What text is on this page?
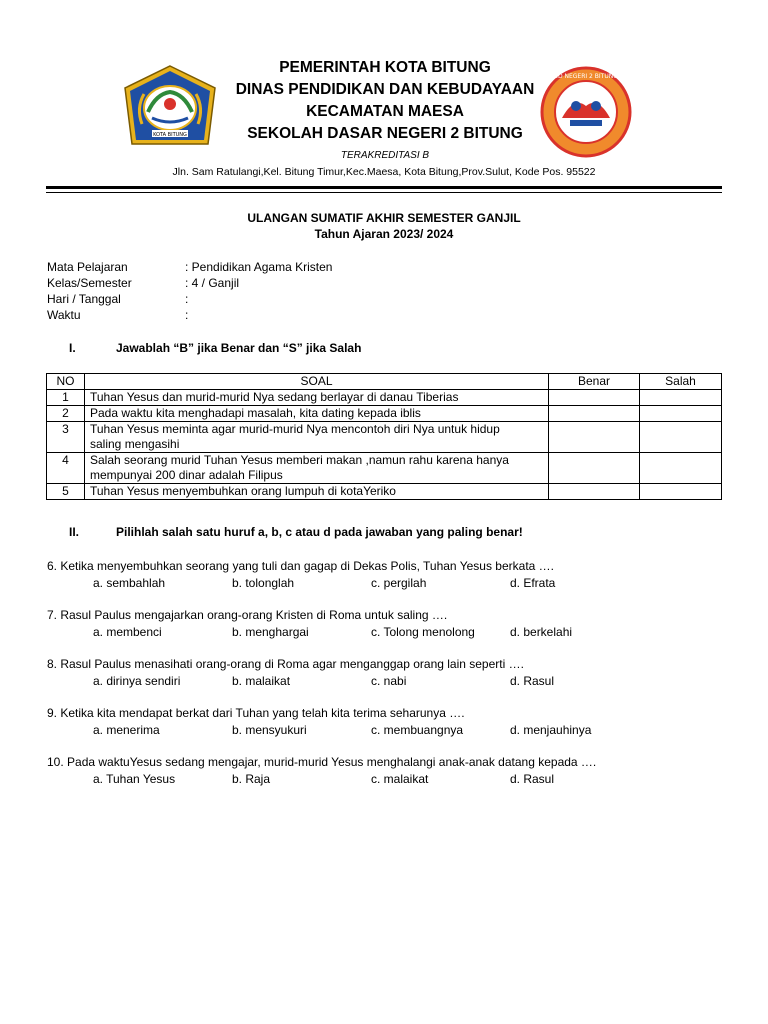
KOTA BITUNG
SD NEGERI 2 BITUNG
PEMERINTAH KOTA BITUNG
DINAS PENDIDIKAN DAN KEBUDAYAAN
KECAMATAN MAESA
SEKOLAH DASAR NEGERI 2 BITUNG
TERAKREDITASI B
Jln. Sam Ratulangi,Kel. Bitung Timur,Kec.Maesa, Kota Bitung,Prov.Sulut, Kode Pos. 95522
ULANGAN SUMATIF AKHIR SEMESTER GANJIL
Tahun Ajaran 2023/ 2024
Mata Pelajaran	: Pendidikan Agama Kristen
Kelas/Semester	: 4 / Ganjil
Hari / Tanggal	:
Waktu	:
I.	Jawablah “B” jika Benar dan “S” jika Salah
NO	SOAL	Benar	Salah
1	Tuhan Yesus dan murid-murid Nya sedang berlayar di danau Tiberias		
2	Pada waktu kita menghadapi masalah, kita dating kepada iblis		
3	Tuhan Yesus meminta agar murid-murid Nya mencontoh diri Nya untuk hidup
saling mengasihi		

4	Salah seorang murid Tuhan Yesus memberi makan ,namun rahu karena hanya
mempunyai 200 dinar adalah Filipus		

5	Tuhan Yesus menyembuhkan orang lumpuh di kotaYeriko		
II.	Pilihlah salah satu huruf a, b, c atau d pada jawaban yang paling benar!
6. Ketika menyembuhkan seorang yang tuli dan gagap di Dekas Polis, Tuhan Yesus berkata ….
a. sembahlah	b. tolonglah	c. pergilah	d. Efrata
7. Rasul Paulus mengajarkan orang-orang Kristen di Roma untuk saling ….
a. membenci	b. menghargai	c. Tolong menolong	d. berkelahi
8. Rasul Paulus menasihati orang-orang di Roma agar menganggap orang lain seperti ….
a. dirinya sendiri	b. malaikat	c. nabi	d. Rasul
9. Ketika kita mendapat berkat dari Tuhan yang telah kita terima seharunya ….
a. menerima	b. mensyukuri	c. membuangnya	d. menjauhinya
10. Pada waktuYesus sedang mengajar, murid-murid Yesus menghalangi anak-anak datang kepada ….
a. Tuhan Yesus	b. Raja	c. malaikat	d. Rasul
